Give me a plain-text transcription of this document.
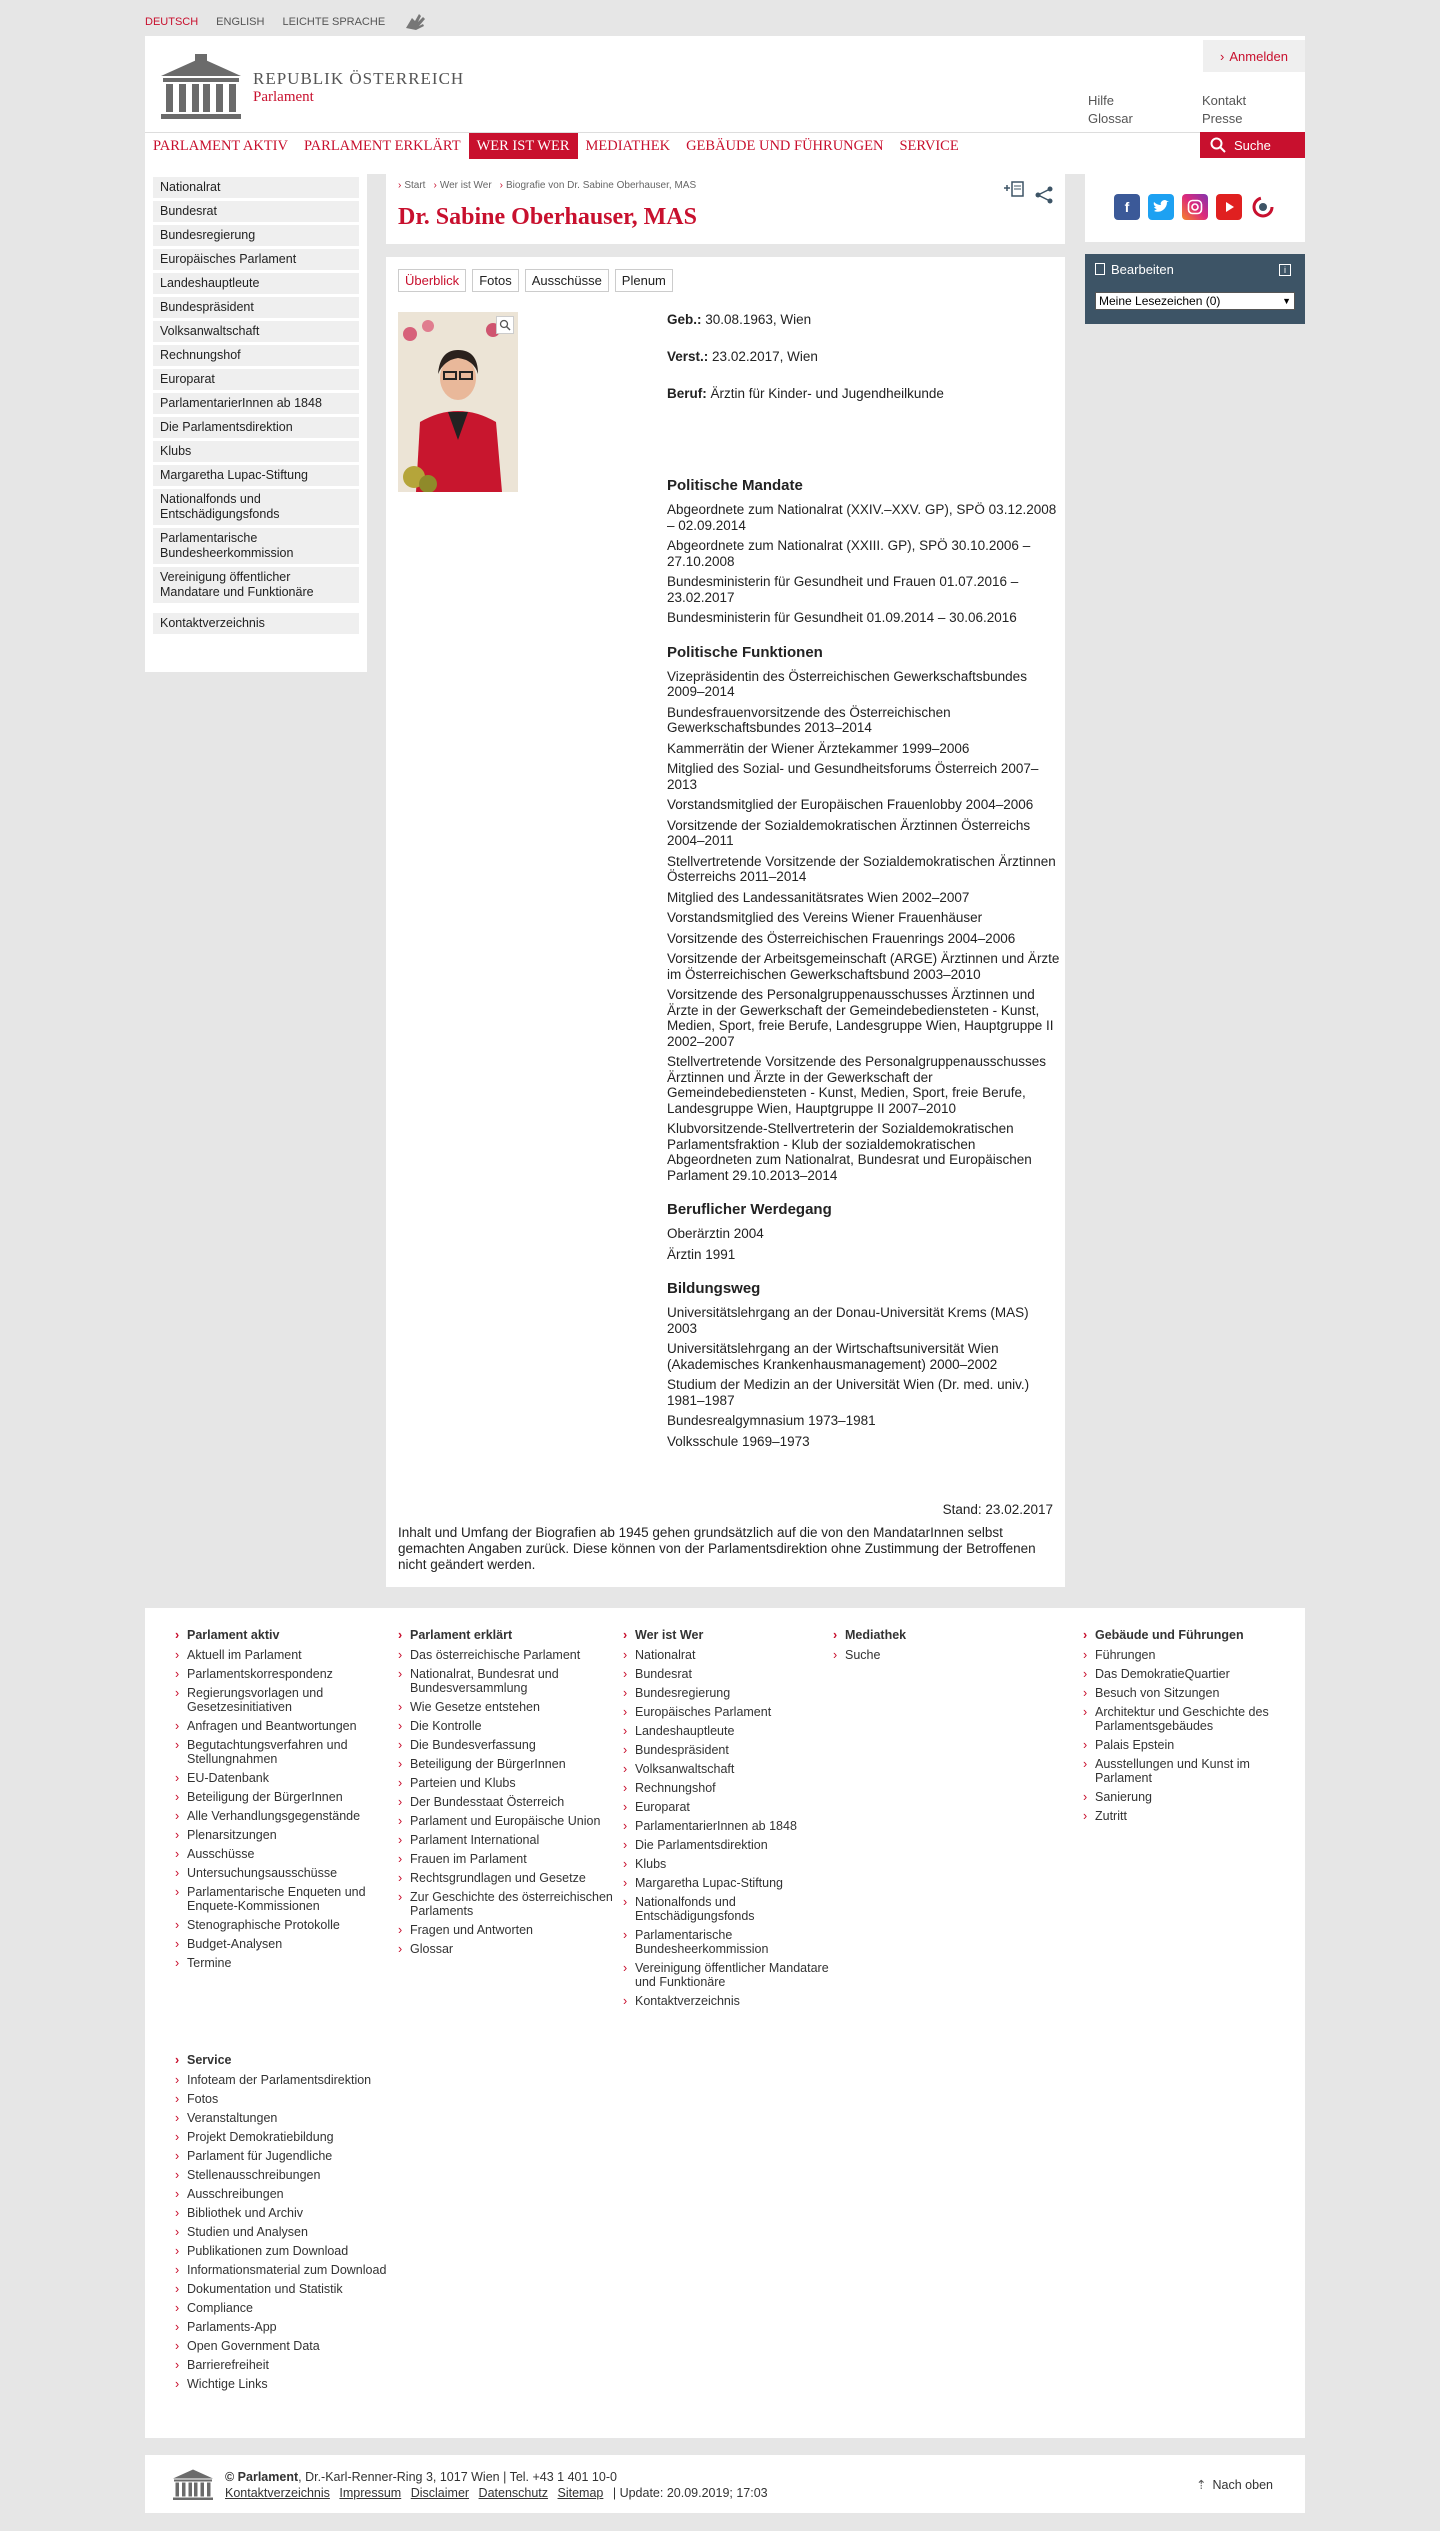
DEUTSCH ENGLISH LEICHTE SPRACHE
REPUBLIK ÖSTERREICH
Parlament
› Anmelden
Hilfe
Glossar
Kontakt
Presse
PARLAMENT AKTIV	PARLAMENT ERKLÄRT	WER IST WER	MEDIATHEK	GEBÄUDE UND FÜHRUNGEN	SERVICE	Suche
Nationalrat
Bundesrat
Bundesregierung
Europäisches Parlament
Landeshauptleute
Bundespräsident
Volksanwaltschaft
Rechnungshof
Europarat
ParlamentarierInnen ab 1848
Die Parlamentsdirektion
Klubs
Margaretha Lupac-Stiftung
Nationalfonds und Entschädigungsfonds
Parlamentarische Bundesheerkommission
Vereinigung öffentlicher Mandatare und Funktionäre
Kontaktverzeichnis
› Start	› Wer ist Wer	› Biografie von Dr. Sabine Oberhauser, MAS
Dr. Sabine Oberhauser, MAS
Überblick	Fotos	Ausschüsse	Plenum
Geb.: 30.08.1963, Wien
Verst.: 23.02.2017, Wien
Beruf: Ärztin für Kinder- und Jugendheilkunde
Politische Mandate
Abgeordnete zum Nationalrat (XXIV.–XXV. GP), SPÖ 03.12.2008 – 02.09.2014
Abgeordnete zum Nationalrat (XXIII. GP), SPÖ 30.10.2006 – 27.10.2008
Bundesministerin für Gesundheit und Frauen 01.07.2016 – 23.02.2017
Bundesministerin für Gesundheit 01.09.2014 – 30.06.2016
Politische Funktionen
Vizepräsidentin des Österreichischen Gewerkschaftsbundes 2009–2014
Bundesfrauenvorsitzende des Österreichischen Gewerkschaftsbundes 2013–2014
Kammerrätin der Wiener Ärztekammer 1999–2006
Mitglied des Sozial- und Gesundheitsforums Österreich 2007–2013
Vorstandsmitglied der Europäischen Frauenlobby 2004–2006
Vorsitzende der Sozialdemokratischen Ärztinnen Österreichs 2004–2011
Stellvertretende Vorsitzende der Sozialdemokratischen Ärztinnen Österreichs 2011–2014
Mitglied des Landessanitätsrates Wien 2002–2007
Vorstandsmitglied des Vereins Wiener Frauenhäuser
Vorsitzende des Österreichischen Frauenrings 2004–2006
Vorsitzende der Arbeitsgemeinschaft (ARGE) Ärztinnen und Ärzte im Österreichischen Gewerkschaftsbund 2003–2010
Vorsitzende des Personalgruppenausschusses Ärztinnen und Ärzte in der Gewerkschaft der Gemeindebediensteten - Kunst, Medien, Sport, freie Berufe, Landesgruppe Wien, Hauptgruppe II 2002–2007
Stellvertretende Vorsitzende des Personalgruppenausschusses Ärztinnen und Ärzte in der Gewerkschaft der Gemeindebediensteten - Kunst, Medien, Sport, freie Berufe, Landesgruppe Wien, Hauptgruppe II 2007–2010
Klubvorsitzende-Stellvertreterin der Sozialdemokratischen Parlamentsfraktion - Klub der sozialdemokratischen Abgeordneten zum Nationalrat, Bundesrat und Europäischen Parlament 29.10.2013–2014
Beruflicher Werdegang
Oberärztin 2004
Ärztin 1991
Bildungsweg
Universitätslehrgang an der Donau-Universität Krems (MAS) 2003
Universitätslehrgang an der Wirtschaftsuniversität Wien (Akademisches Krankenhausmanagement) 2000–2002
Studium der Medizin an der Universität Wien (Dr. med. univ.) 1981–1987
Bundesrealgymnasium 1973–1981
Volksschule 1969–1973
Stand: 23.02.2017
Inhalt und Umfang der Biografien ab 1945 gehen grundsätzlich auf die von den MandatarInnen selbst gemachten Angaben zurück. Diese können von der Parlamentsdirektion ohne Zustimmung der Betroffenen nicht geändert werden.
f
Bearbeiten	i
Meine Lesezeichen (0)	▼
› Parlament aktiv
› Aktuell im Parlament
› Parlamentskorrespondenz
› Regierungsvorlagen und Gesetzesinitiativen
› Anfragen und Beantwortungen
› Begutachtungsverfahren und Stellungnahmen
› EU-Datenbank
› Beteiligung der BürgerInnen
› Alle Verhandlungsgegenstände
› Plenarsitzungen
› Ausschüsse
› Untersuchungsausschüsse
› Parlamentarische Enqueten und Enquete-Kommissionen
› Stenographische Protokolle
› Budget-Analysen
› Termine
› Parlament erklärt
› Das österreichische Parlament
› Nationalrat, Bundesrat und Bundesversammlung
› Wie Gesetze entstehen
› Die Kontrolle
› Die Bundesverfassung
› Beteiligung der BürgerInnen
› Parteien und Klubs
› Der Bundesstaat Österreich
› Parlament und Europäische Union
› Parlament International
› Frauen im Parlament
› Rechtsgrundlagen und Gesetze
› Zur Geschichte des österreichischen Parlaments
› Fragen und Antworten
› Glossar
› Wer ist Wer
› Nationalrat
› Bundesrat
› Bundesregierung
› Europäisches Parlament
› Landeshauptleute
› Bundespräsident
› Volksanwaltschaft
› Rechnungshof
› Europarat
› ParlamentarierInnen ab 1848
› Die Parlamentsdirektion
› Klubs
› Margaretha Lupac-Stiftung
› Nationalfonds und Entschädigungsfonds
› Parlamentarische Bundesheerkommission
› Vereinigung öffentlicher Mandatare und Funktionäre
› Kontaktverzeichnis
› Mediathek
› Suche
› Gebäude und Führungen
› Führungen
› Das DemokratieQuartier
› Besuch von Sitzungen
› Architektur und Geschichte des Parlamentsgebäudes
› Palais Epstein
› Ausstellungen und Kunst im Parlament
› Sanierung
› Zutritt
› Service
› Infoteam der Parlamentsdirektion
› Fotos
› Veranstaltungen
› Projekt Demokratiebildung
› Parlament für Jugendliche
› Stellenausschreibungen
› Ausschreibungen
› Bibliothek und Archiv
› Studien und Analysen
› Publikationen zum Download
› Informationsmaterial zum Download
› Dokumentation und Statistik
› Compliance
› Parlaments-App
› Open Government Data
› Barrierefreiheit
› Wichtige Links
© Parlament, Dr.-Karl-Renner-Ring 3, 1017 Wien | Tel. +43 1 401 10-0
Kontaktverzeichnis Impressum Disclaimer Datenschutz Sitemap | Update: 20.09.2019; 17:03
⇡ Nach oben
